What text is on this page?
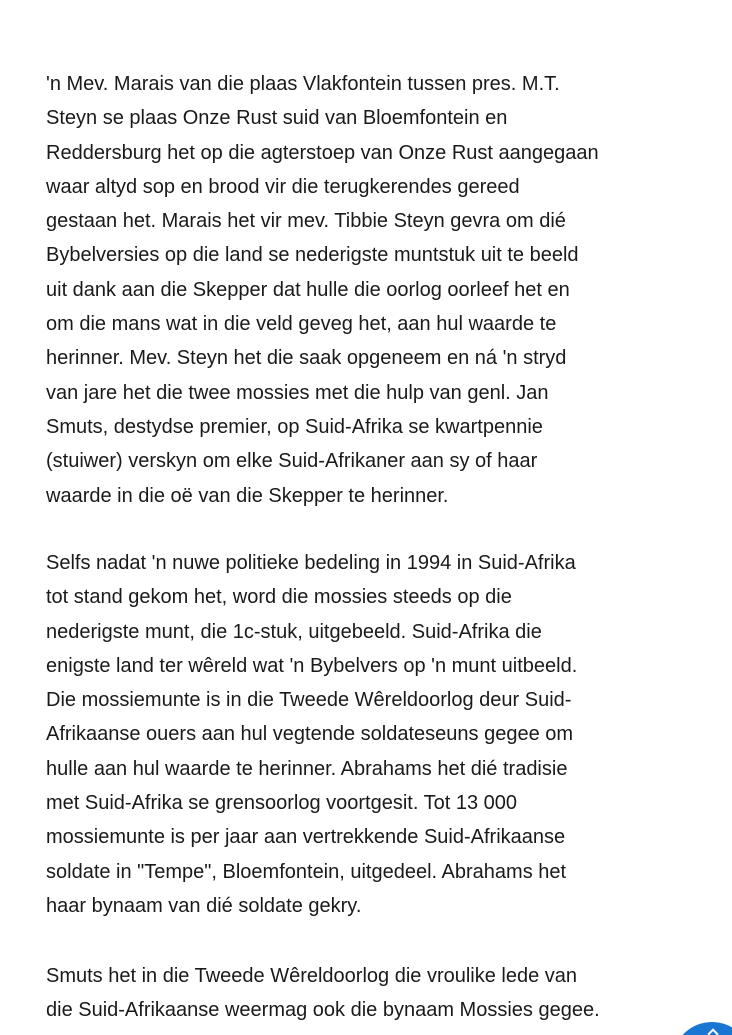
'n Mev. Marais van die plaas Vlakfontein tussen pres. M.T.
Steyn se plaas Onze Rust suid van Bloemfontein en
Reddersburg het op die agterstoep van Onze Rust aangegaan
waar altyd sop en brood vir die terugkerendes gereed
gestaan het. Marais het vir mev. Tibbie Steyn gevra om dié
Bybelversies op die land se nederigste muntstuk uit te beeld
uit dank aan die Skepper dat hulle die oorlog oorleef het en
om die mans wat in die veld geveg het, aan hul waarde te
herinner. Mev. Steyn het die saak opgeneem en ná 'n stryd
van jare het die twee mossies met die hulp van genl. Jan
Smuts, destydse premier, op Suid-Afrika se kwartpennie
(stuiwer) verskyn om elke Suid-Afrikaner aan sy of haar
waarde in die oë van die Skepper te herinner.

Selfs nadat 'n nuwe politieke bedeling in 1994 in Suid-Afrika
tot stand gekom het, word die mossies steeds op die
nederigste munt, die 1c-stuk, uitgebeeld. Suid-Afrika die
enigste land ter wêreld wat 'n Bybelvers op 'n munt uitbeeld.
Die mossiemunte is in die Tweede Wêreldoorlog deur Suid-
Afrikaanse ouers aan hul vegtende soldateseuns gegee om
hulle aan hul waarde te herinner. Abrahams het dié tradisie
met Suid-Afrika se grensoorlog voortgesit. Tot 13 000
mossiemunte is per jaar aan vertrekkende Suid-Afrikaanse
soldate in "Tempe", Bloemfontein, uitgedeel. Abrahams het
haar bynaam van dié soldate gekry.

Smuts het in die Tweede Wêreldoorlog die vroulike lede van
die Suid-Afrikaanse weermag ook die bynaam Mossies gegee.
